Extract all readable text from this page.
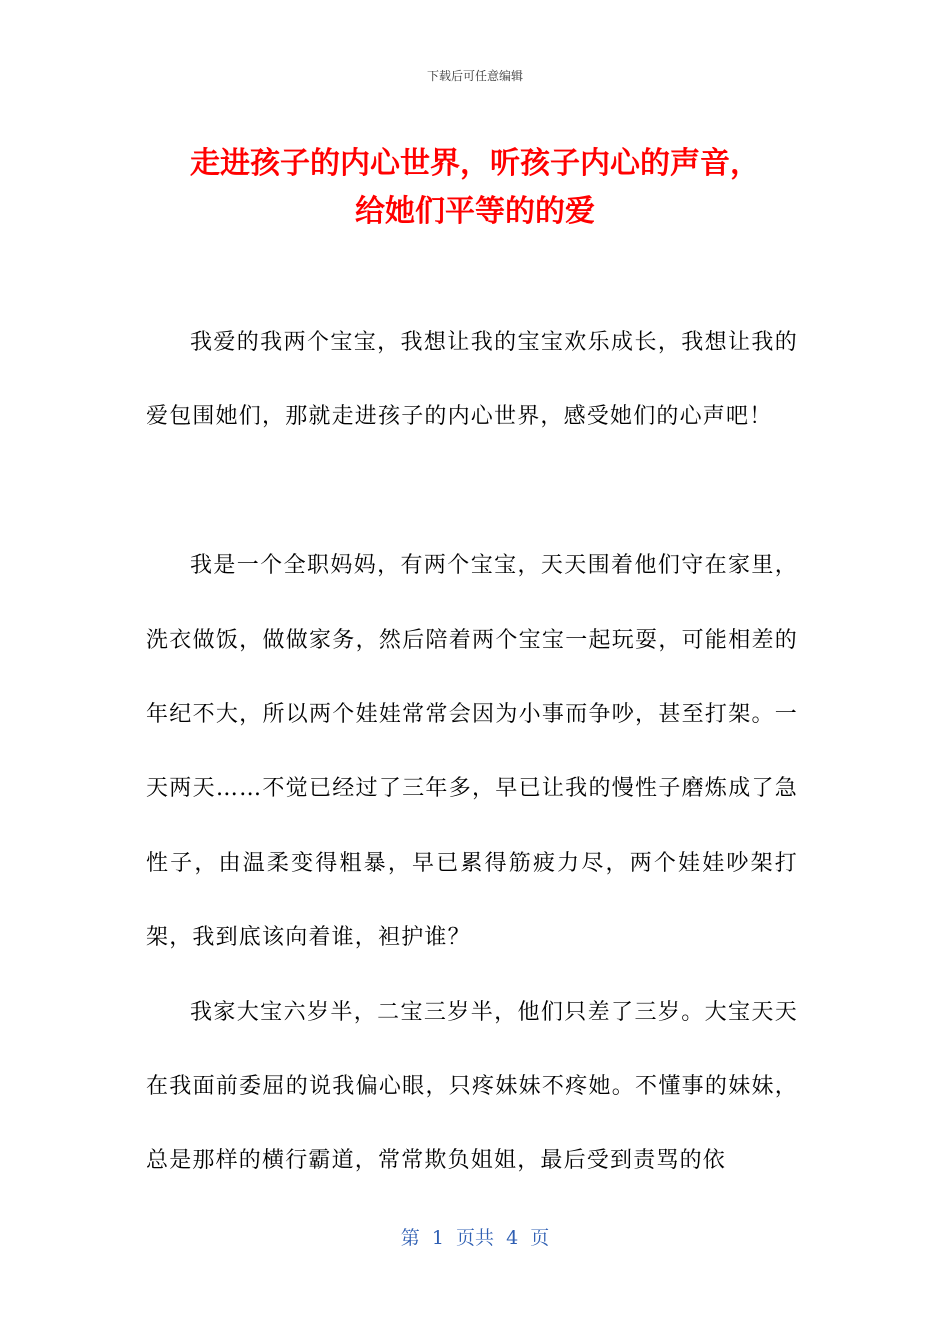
下载后可任意编辑
走进孩子的内心世界，听孩子内心的声音，
给她们平等的的爱

我爱的我两个宝宝，我想让我的宝宝欢乐成长，我想让我的爱包围她们，那就走进孩子的内心世界，感受她们的心声吧！

我是一个全职妈妈，有两个宝宝，天天围着他们守在家里，洗衣做饭，做做家务，然后陪着两个宝宝一起玩耍，可能相差的年纪不大，所以两个娃娃常常会因为小事而争吵，甚至打架。一天两天……不觉已经过了三年多，早已让我的慢性子磨炼成了急性子，由温柔变得粗暴，早已累得筋疲力尽，两个娃娃吵架打架，我到底该向着谁，袒护谁？

我家大宝六岁半，二宝三岁半，他们只差了三岁。大宝天天在我面前委屈的说我偏心眼，只疼妹妹不疼她。不懂事的妹妹，总是那样的横行霸道，常常欺负姐姐，最后受到责骂的依

第  1  页共  4  页
